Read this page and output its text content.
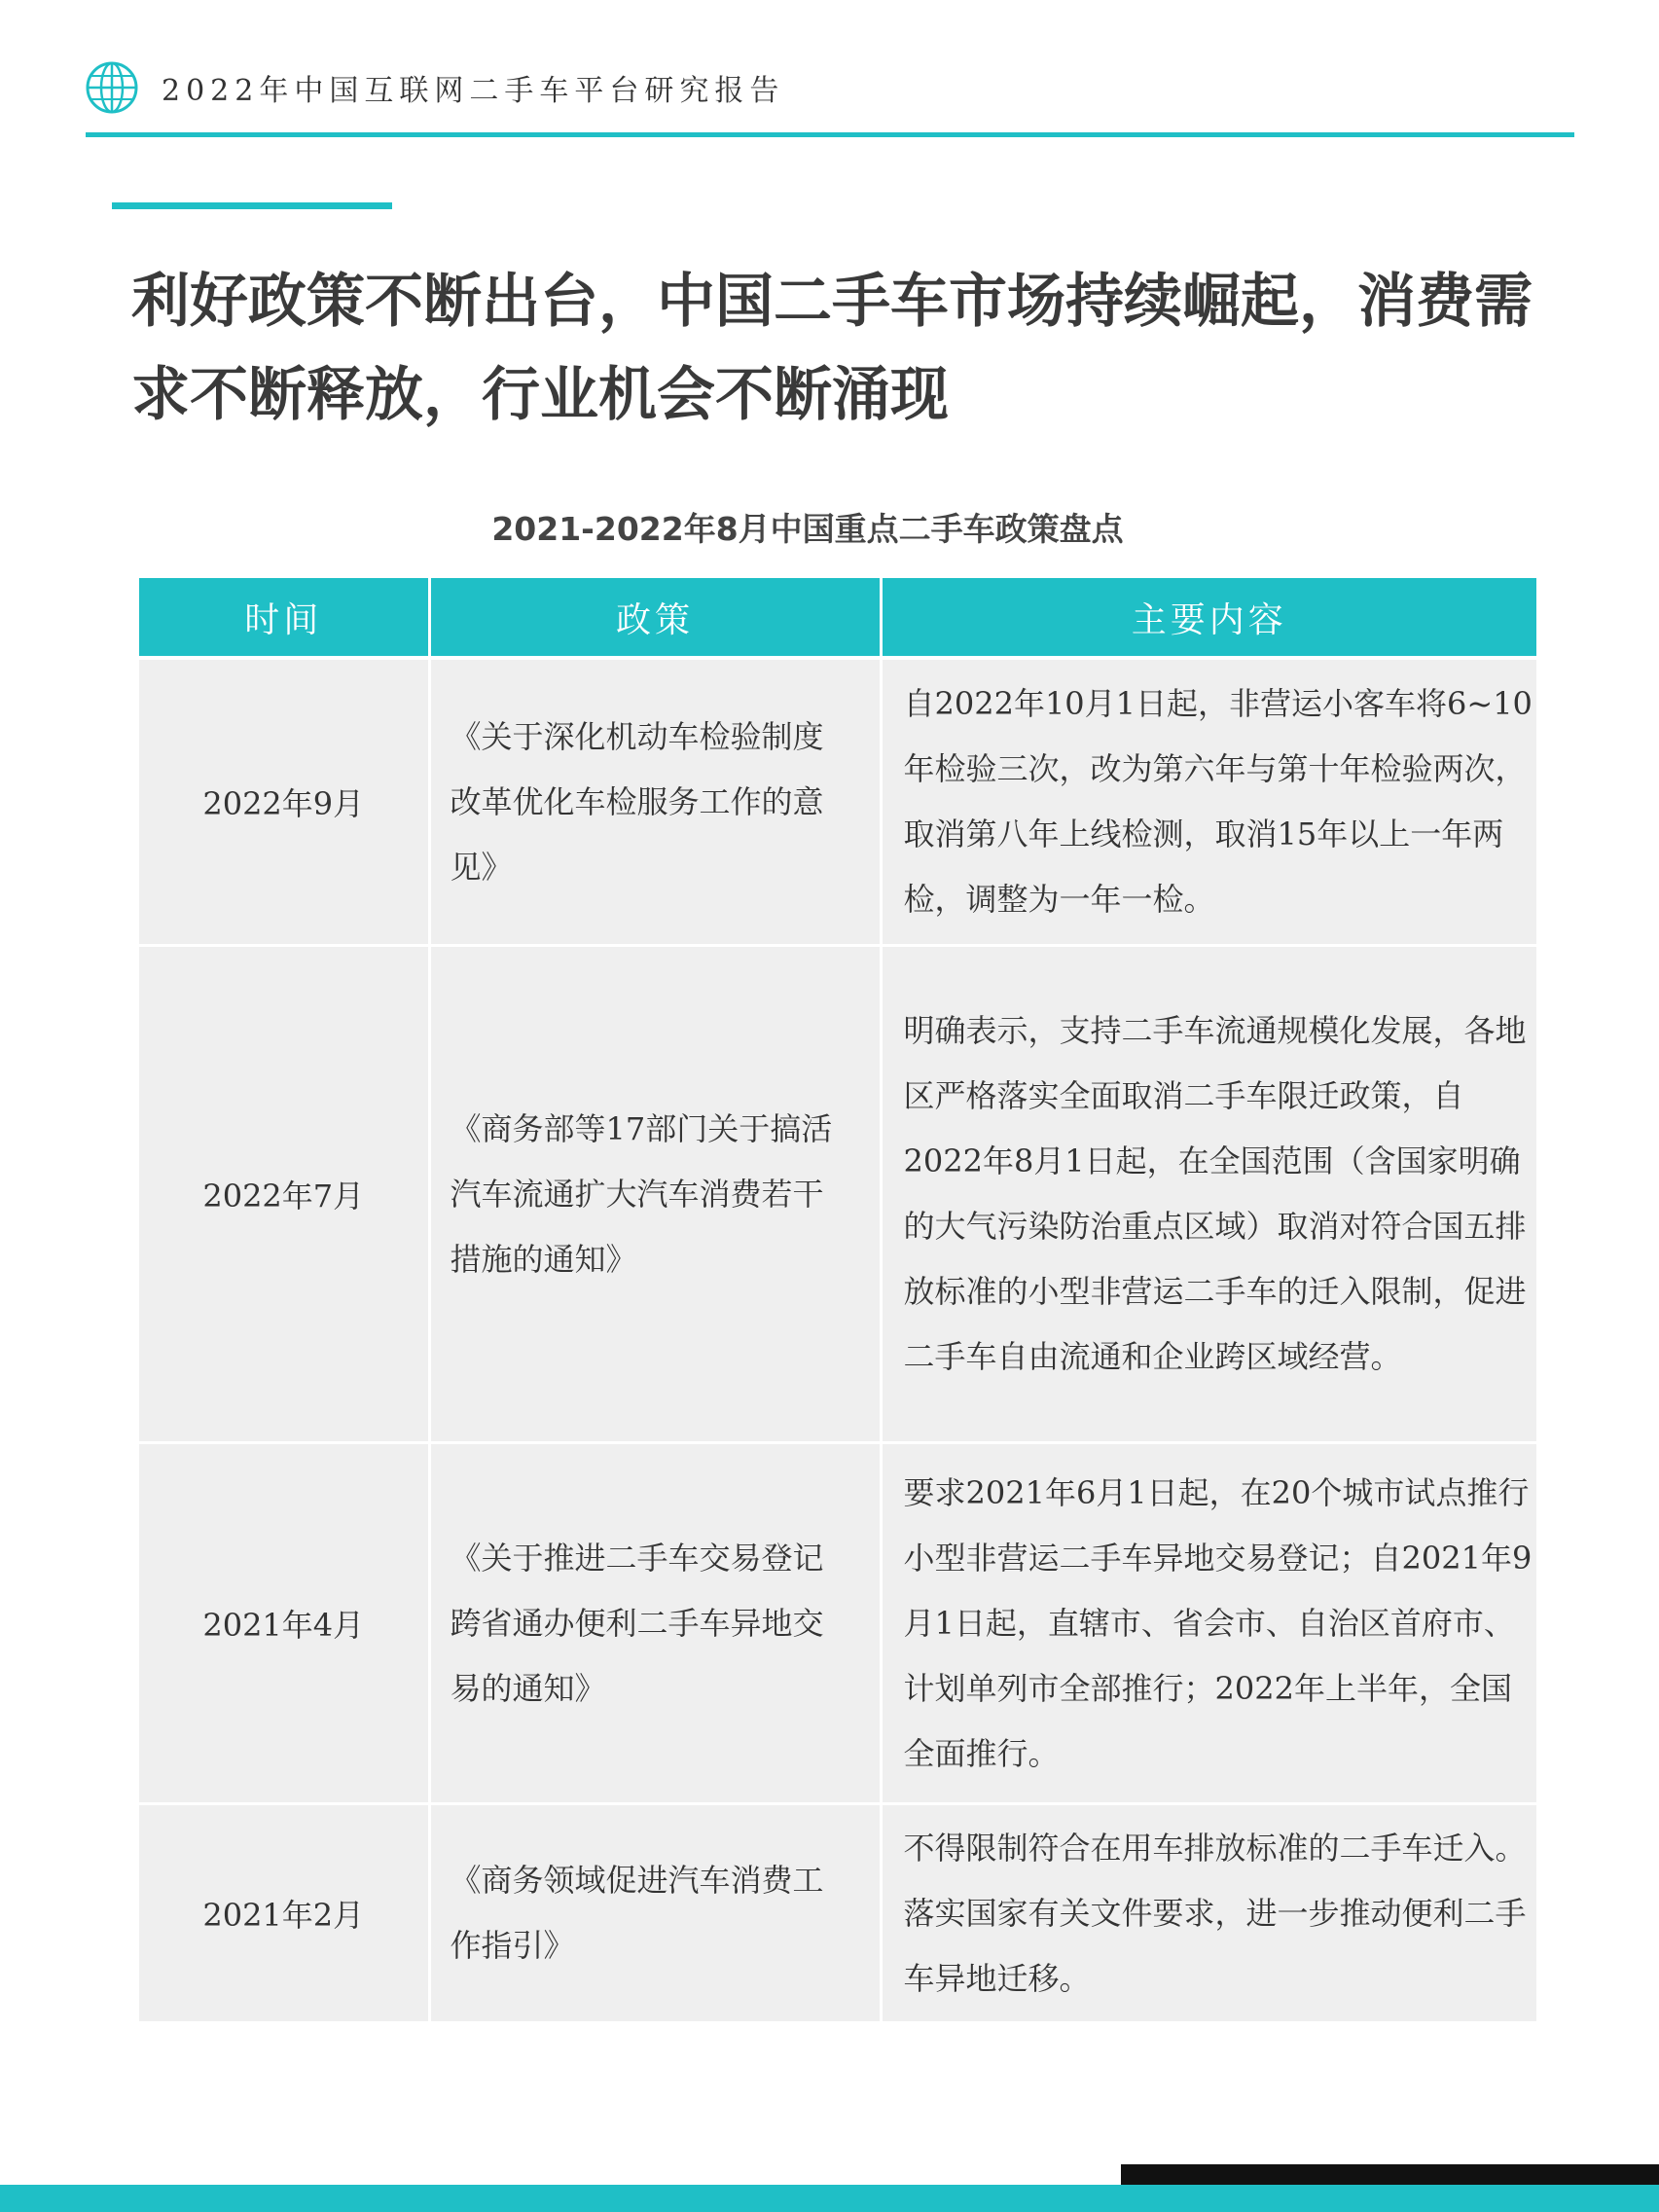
2022年中国互联网二手车平台研究报告
利好政策不断出台，中国二手车市场持续崛起，消费需求不断释放，行业机会不断涌现
2021-2022年8月中国重点二手车政策盘点
时间	政策	主要内容
2022年9月	《关于深化机动车检验制度改革优化车检服务工作的意见》	自2022年10月1日起，非营运小客车将6~10年检验三次，改为第六年与第十年检验两次，取消第八年上线检测，取消15年以上一年两检，调整为一年一检。
2022年7月	《商务部等17部门关于搞活汽车流通扩大汽车消费若干措施的通知》	明确表示，支持二手车流通规模化发展，各地区严格落实全面取消二手车限迁政策，自2022年8月1日起，在全国范围（含国家明确的大气污染防治重点区域）取消对符合国五排放标准的小型非营运二手车的迁入限制，促进二手车自由流通和企业跨区域经营。
2021年4月	《关于推进二手车交易登记跨省通办便利二手车异地交易的通知》	要求2021年6月1日起，在20个城市试点推行小型非营运二手车异地交易登记；自2021年9月1日起，直辖市、省会市、自治区首府市、计划单列市全部推行；2022年上半年，全国全面推行。
2021年2月	《商务领域促进汽车消费工作指引》	不得限制符合在用车排放标准的二手车迁入。落实国家有关文件要求，进一步推动便利二手车异地迁移。
